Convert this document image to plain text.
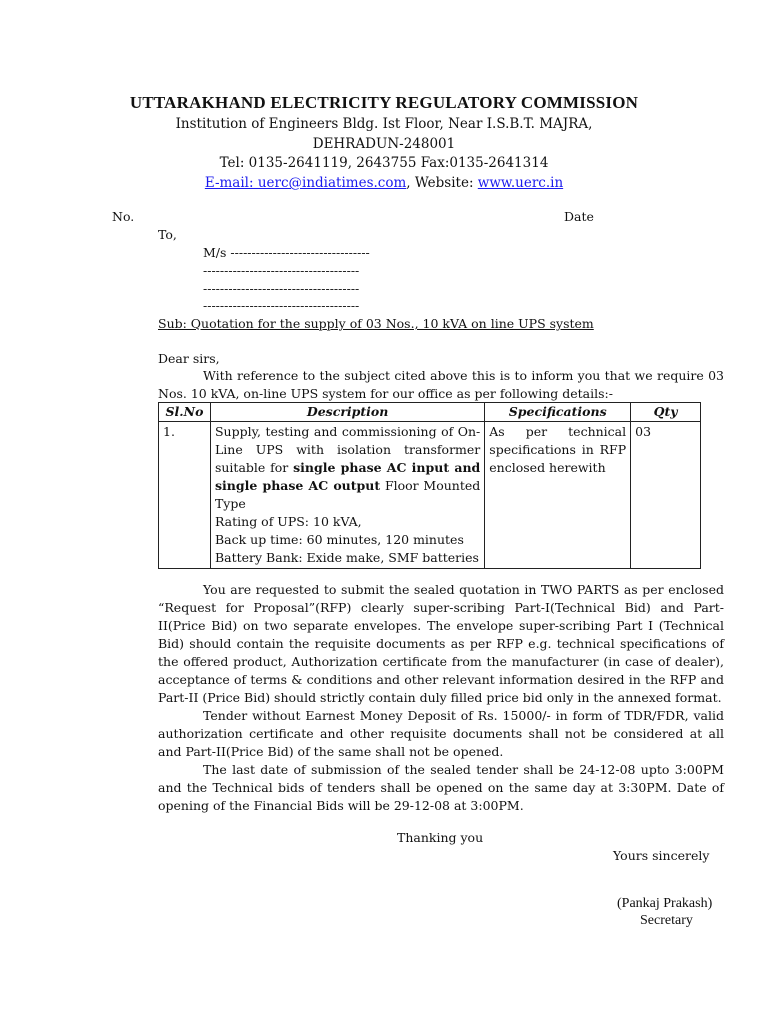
UTTARAKHAND ELECTRICITY REGULATORY COMMISSION
Institution of Engineers Bldg. Ist Floor, Near I.S.B.T. MAJRA,
DEHRADUN-248001
Tel: 0135-2641119, 2643755 Fax:0135-2641314
E-mail: uerc@indiatimes.com, Website: www.uerc.in
No.	Date
To,
M/s ---------------------------------
-------------------------------------
-------------------------------------
-------------------------------------
Sub: Quotation for the supply of 03 Nos., 10 kVA on line UPS system
Dear sirs,

With reference to the subject cited above this is to inform you that we require 03 Nos. 10 kVA, on-line UPS system for our office as per following details:-

Sl.No	Description	Specifications	Qty
1.	Supply, testing and commissioning of On-Line UPS with isolation transformer suitable for single phase AC input and single phase AC output Floor Mounted Type
Rating of UPS: 10 kVA,
Back up time: 60 minutes, 120 minutes
Battery Bank: Exide make, SMF batteries	As per technical specifications in RFP enclosed herewith	03

You are requested to submit the sealed quotation in TWO PARTS as per enclosed “Request for Proposal”(RFP) clearly super-scribing Part-I(Technical Bid) and Part-II(Price Bid) on two separate envelopes. The envelope super-scribing Part I (Technical Bid) should contain the requisite documents as per RFP e.g. technical specifications of the offered product, Authorization certificate from the manufacturer (in case of dealer), acceptance of terms & conditions and other relevant information desired in the RFP and Part-II (Price Bid) should strictly contain duly filled price bid only in the annexed format.

Tender without Earnest Money Deposit of Rs. 15000/- in form of TDR/FDR, valid authorization certificate and other requisite documents shall not be considered at all and Part-II(Price Bid) of the same shall not be opened.

The last date of submission of the sealed tender shall be 24-12-08 upto 3:00PM and the Technical bids of tenders shall be opened on the same day at 3:30PM. Date of opening of the Financial Bids will be 29-12-08 at 3:00PM.

Thanking you
Yours sincerely
(Pankaj Prakash)
Secretary
